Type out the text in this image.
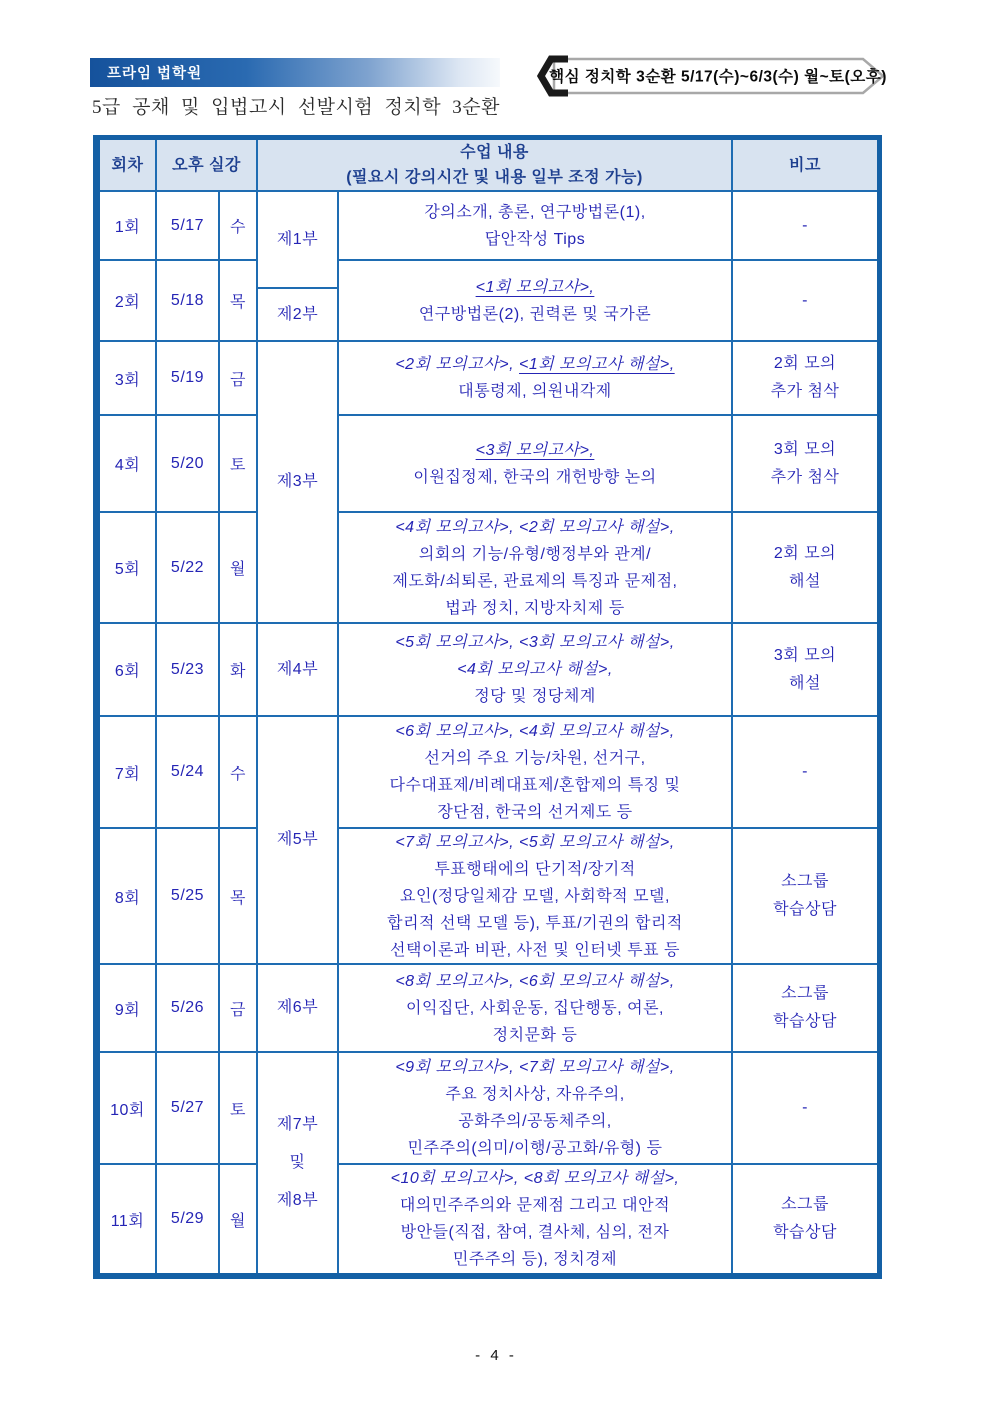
프라임 법학원	핵심 정치학 3순환 5/17(수)~6/3(수) 월~토(오후)
5급 공채 및 입법고시 선발시험 정치학 3순환
회차 오후 실강
수업 내용
(필요시 강의시간 및 내용 일부 조정 가능)
비고
1회 5/17 수
강의소개, 총론, 연구방법론(1),
답안작성 Tips
-
2회 5/18 목
<1회 모의고사>,
연구방법론(2), 권력론 및 국가론
-
3회 5/19 금
<2회 모의고사>, <1회 모의고사 해설>,
대통령제, 의원내각제
2회 모의
추가 첨삭
4회 5/20 토
<3회 모의고사>,
이원집정제, 한국의 개헌방향 논의
3회 모의
추가 첨삭
5회 5/22 월
<4회 모의고사>, <2회 모의고사 해설>,
의회의 기능/유형/행정부와 관계/
제도화/쇠퇴론, 관료제의 특징과 문제점,
법과 정치, 지방자치제 등
2회 모의
해설
6회 5/23 화
<5회 모의고사>, <3회 모의고사 해설>,
<4회 모의고사 해설>,
정당 및 정당체계
3회 모의
해설
7회 5/24 수
<6회 모의고사>, <4회 모의고사 해설>,
선거의 주요 기능/차원, 선거구,
다수대표제/비례대표제/혼합제의 특징 및
장단점, 한국의 선거제도 등
-
8회 5/25 목
<7회 모의고사>, <5회 모의고사 해설>,
투표행태에의 단기적/장기적
요인(정당일체감 모델, 사회학적 모델,
합리적 선택 모델 등), 투표/기권의 합리적
선택이론과 비판, 사전 및 인터넷 투표 등
소그룹
학습상담
9회 5/26 금
<8회 모의고사>, <6회 모의고사 해설>,
이익집단, 사회운동, 집단행동, 여론,
정치문화 등
소그룹
학습상담
10회 5/27 토
<9회 모의고사>, <7회 모의고사 해설>,
주요 정치사상, 자유주의,
공화주의/공동체주의,
민주주의(의미/이행/공고화/유형) 등
-
11회 5/29 월
<10회 모의고사>, <8회 모의고사 해설>,
대의민주주의와 문제점 그리고 대안적
방안들(직접, 참여, 결사체, 심의, 전자
민주주의 등), 정치경제
소그룹
학습상담
제1부
제2부
제3부
제4부
제5부
제6부
제7부
및
제8부
- 4 -
